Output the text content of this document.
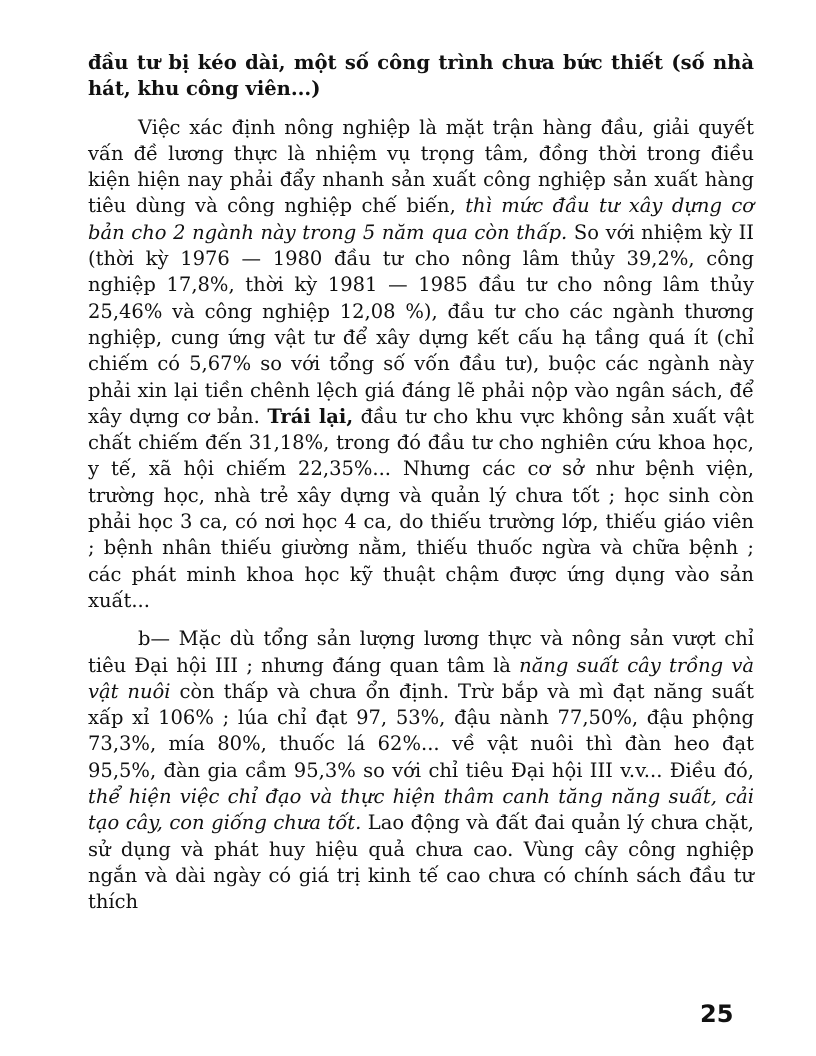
đầu tư bị kéo dài, một số công trình chưa bức thiết (số nhà hát, khu công viên...)

Việc xác định nông nghiệp là mặt trận hàng đầu, giải quyết vấn đề lương thực là nhiệm vụ trọng tâm, đồng thời trong điều kiện hiện nay phải đẩy nhanh sản xuất công nghiệp sản xuất hàng tiêu dùng và công nghiệp chế biến, thì mức đầu tư xây dựng cơ bản cho 2 ngành này trong 5 năm qua còn thấp. So với nhiệm kỳ II (thời kỳ 1976 — 1980 đầu tư cho nông lâm thủy 39,2%, công nghiệp 17,8%, thời kỳ 1981 — 1985 đầu tư cho nông lâm thủy 25,46% và công nghiệp 12,08 %), đầu tư cho các ngành thương nghiệp, cung ứng vật tư để xây dựng kết cấu hạ tầng quá ít (chỉ chiếm có 5,67% so với tổng số vốn đầu tư), buộc các ngành này phải xin lại tiền chênh lệch giá đáng lẽ phải nộp vào ngân sách, để xây dựng cơ bản. Trái lại, đầu tư cho khu vực không sản xuất vật chất chiếm đến 31,18%, trong đó đầu tư cho nghiên cứu khoa học, y tế, xã hội chiếm 22,35%... Nhưng các cơ sở như bệnh viện, trường học, nhà trẻ xây dựng và quản lý chưa tốt ; học sinh còn phải học 3 ca, có nơi học 4 ca, do thiếu trường lớp, thiếu giáo viên ; bệnh nhân thiếu giường nằm, thiếu thuốc ngừa và chữa bệnh ; các phát minh khoa học kỹ thuật chậm được ứng dụng vào sản xuất...

b— Mặc dù tổng sản lượng lương thực và nông sản vượt chỉ tiêu Đại hội III ; nhưng đáng quan tâm là năng suất cây trồng và vật nuôi còn thấp và chưa ổn định. Trừ bắp và mì đạt năng suất xấp xỉ 106% ; lúa chỉ đạt 97, 53%, đậu nành 77,50%, đậu phộng 73,3%, mía 80%, thuốc lá 62%... về vật nuôi thì đàn heo đạt 95,5%, đàn gia cầm 95,3% so với chỉ tiêu Đại hội III v.v... Điều đó, thể hiện việc chỉ đạo và thực hiện thâm canh tăng năng suất, cải tạo cây, con giống chưa tốt. Lao động và đất đai quản lý chưa chặt, sử dụng và phát huy hiệu quả chưa cao. Vùng cây công nghiệp ngắn và dài ngày có giá trị kinh tế cao chưa có chính sách đầu tư thích

25
